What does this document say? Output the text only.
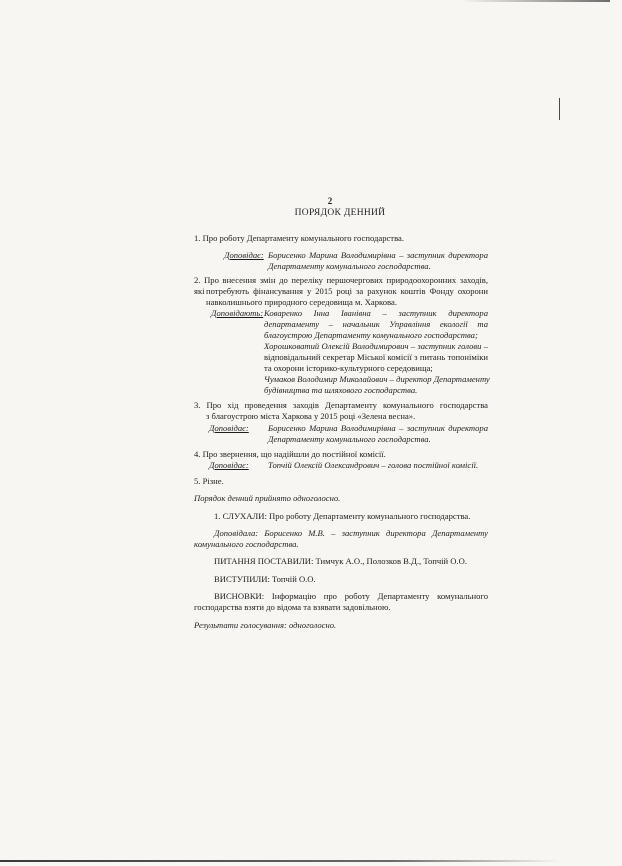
2
ПОРЯДОК ДЕННИЙ
1. Про роботу Департаменту комунального господарства.
Доповідає: Борисенко Марина Володимирівна – заступник директора
Департаменту комунального господарства.
2. Про внесення змін до переліку першочергових природоохоронних заходів, які потребують фінансування у 2015 році за рахунок коштів Фонду охорони
навколишнього природного середовища м. Харкова.
Доповідають: Коваренко Інна Іванівна – заступник директора
департаменту – начальник Управління екології та
благоустрою Департаменту комунального господарства;
Хорошковатий Олексій Володимирович – заступник голови –
відповідальний секретар Міської комісії з питань топоніміки
та охорони історико-культурного середовища;
Чумаков Володимир Миколайович – директор Департаменту
будівництва та шляхового господарства.
3. Про хід проведення заходів Департаменту комунального господарства
з благоустрою міста Харкова у 2015 році «Зелена весна».
Доповідає: Борисенко Марина Володимирівна – заступник директора
Департаменту комунального господарства.
4. Про звернення, що надійшли до постійної комісії.
Доповідає: Топчій Олексій Олександрович – голова постійної комісії.
5. Різне.
Порядок денний прийнято одноголосно.
1. СЛУХАЛИ: Про роботу Департаменту комунального господарства.
Доповідала: Борисенко М.В. – заступник директора Департаменту
комунального господарства.
ПИТАННЯ ПОСТАВИЛИ: Тимчук А.О., Полозков В.Д., Топчій О.О.
ВИСТУПИЛИ: Топчій О.О.
ВИСНОВКИ: Інформацію про роботу Департаменту комунального
господарства взяти до відома та взявати задовільною.
Результати голосування: одноголосно.
